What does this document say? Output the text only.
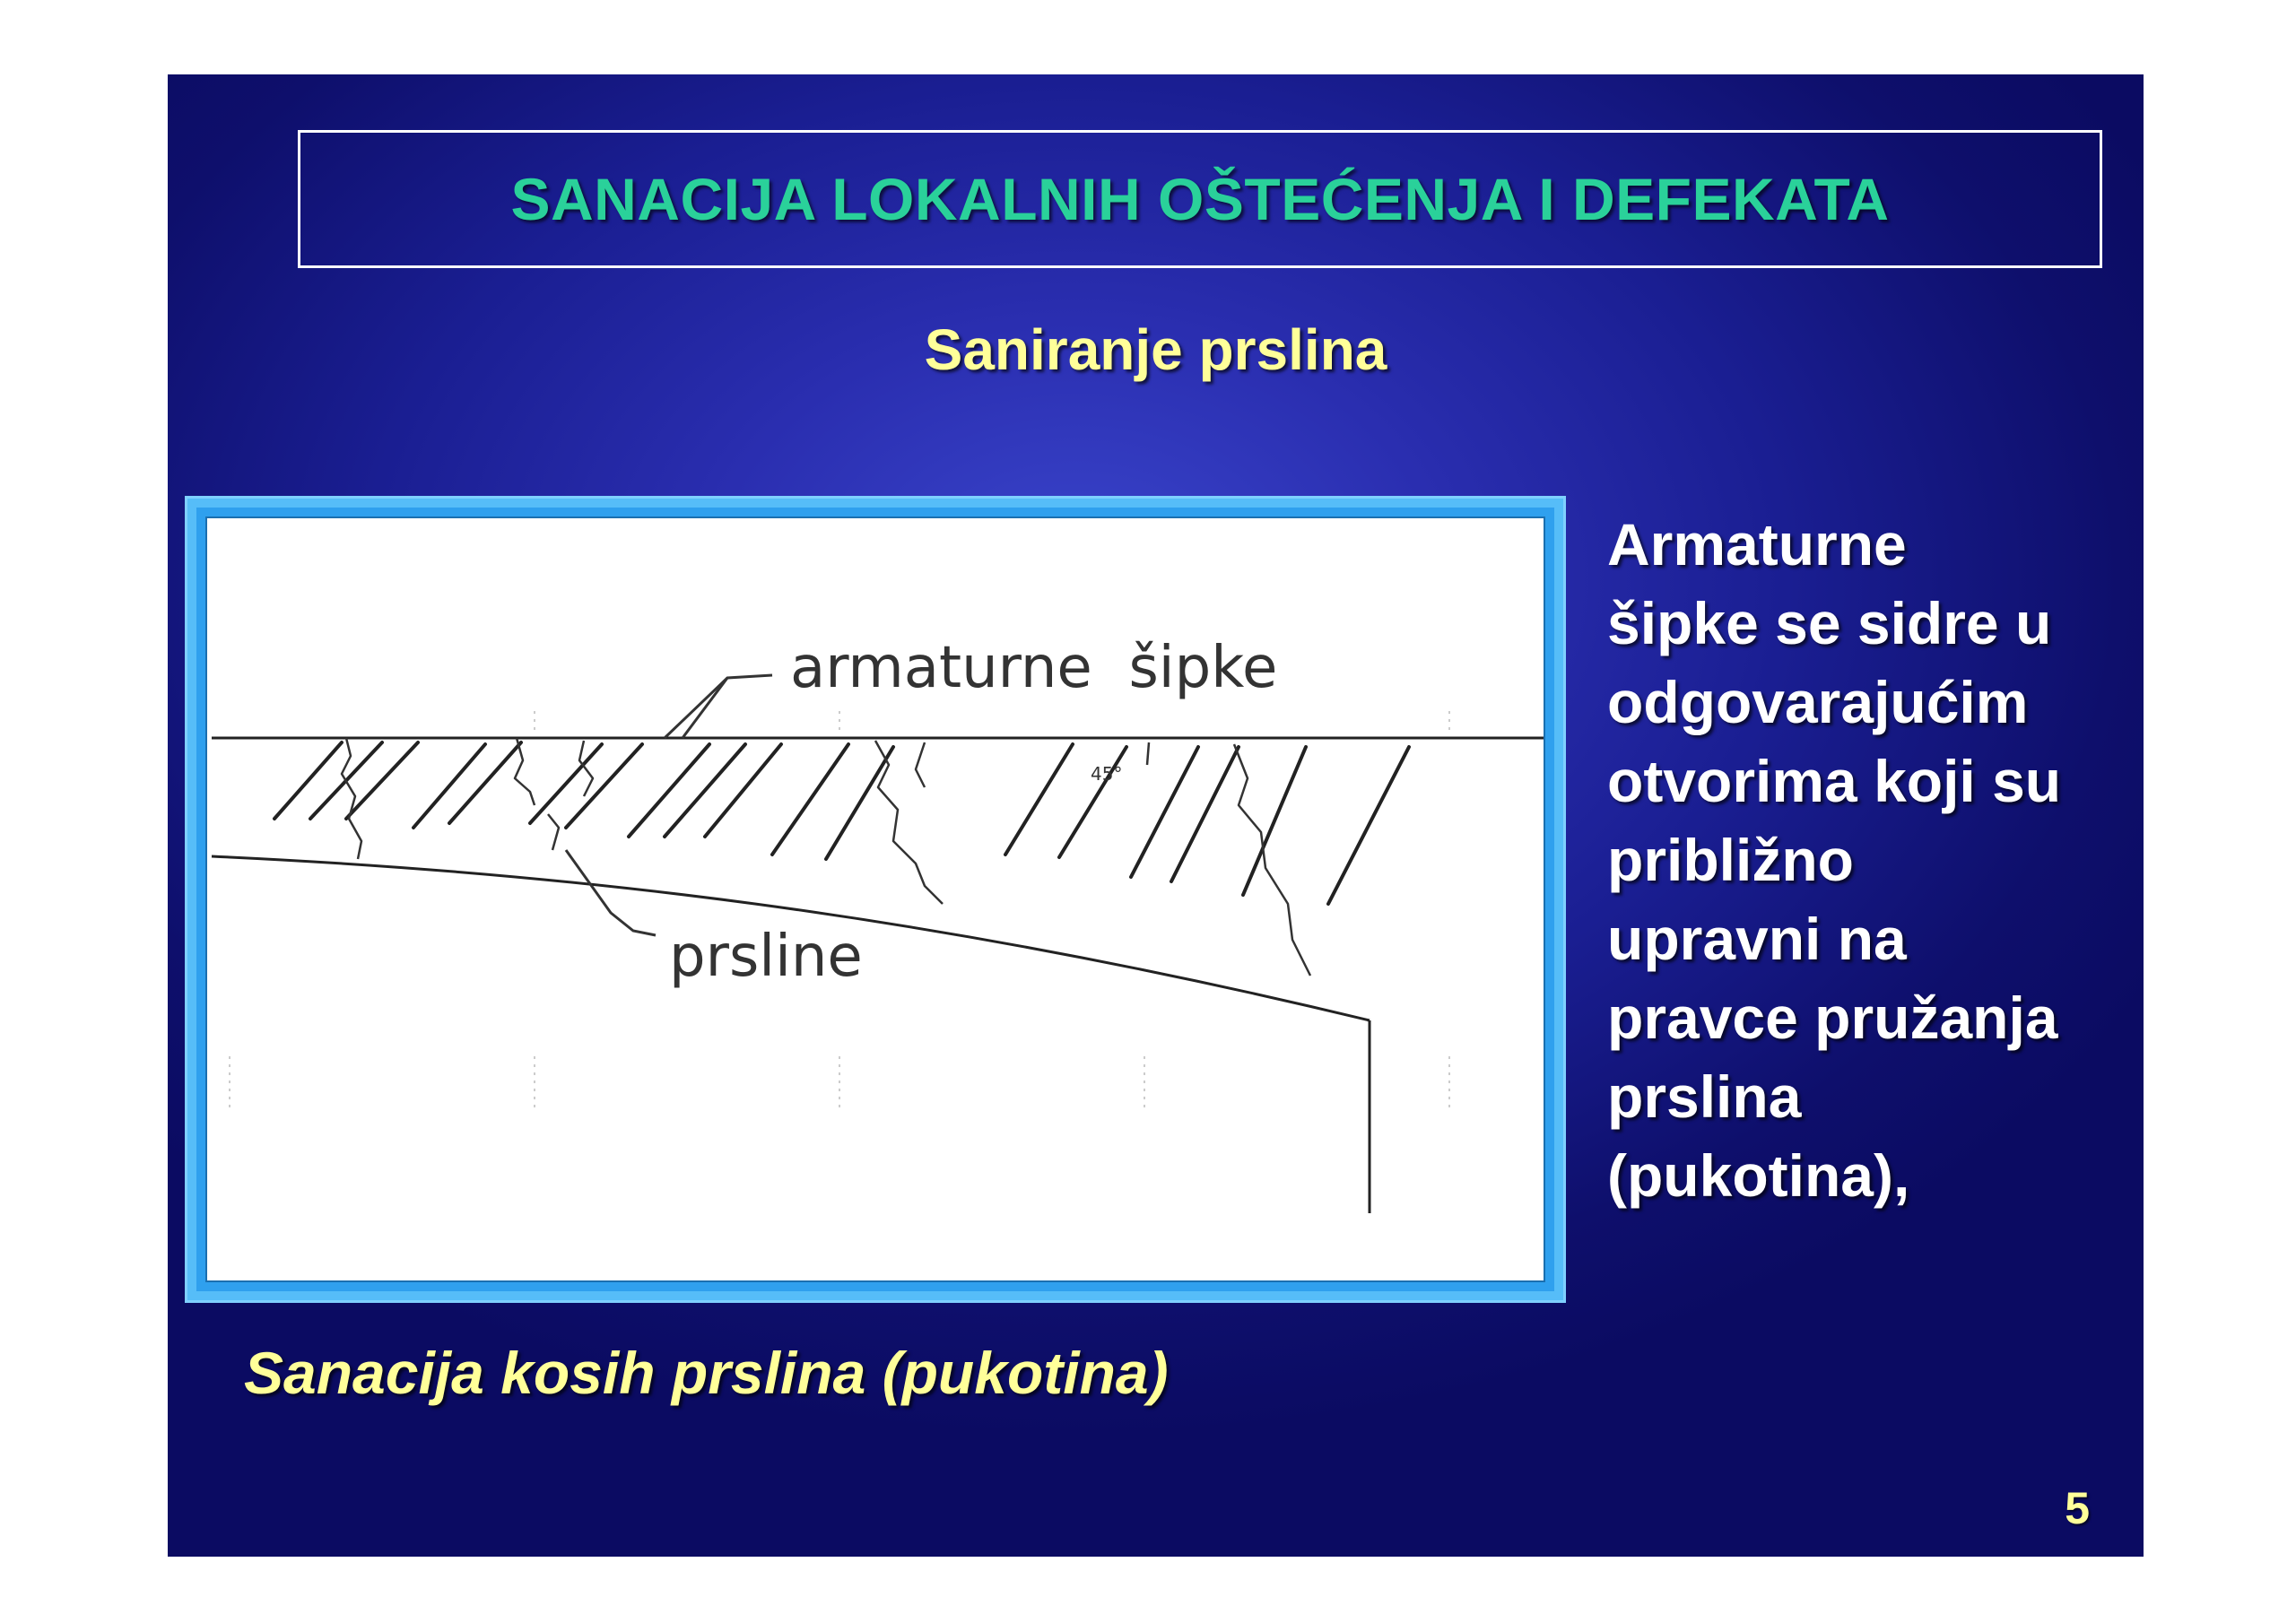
SANACIJA LOKALNIH OŠTEĆENJA I DEFEKATA
Saniranje prslina
45°
armaturne  šipke
prsline
Armaturne
šipke se sidre u
odgovarajućim
otvorima koji su
približno
upravni na
pravce pružanja
prslina
(pukotina),
Sanacija kosih prslina (pukotina)
5
